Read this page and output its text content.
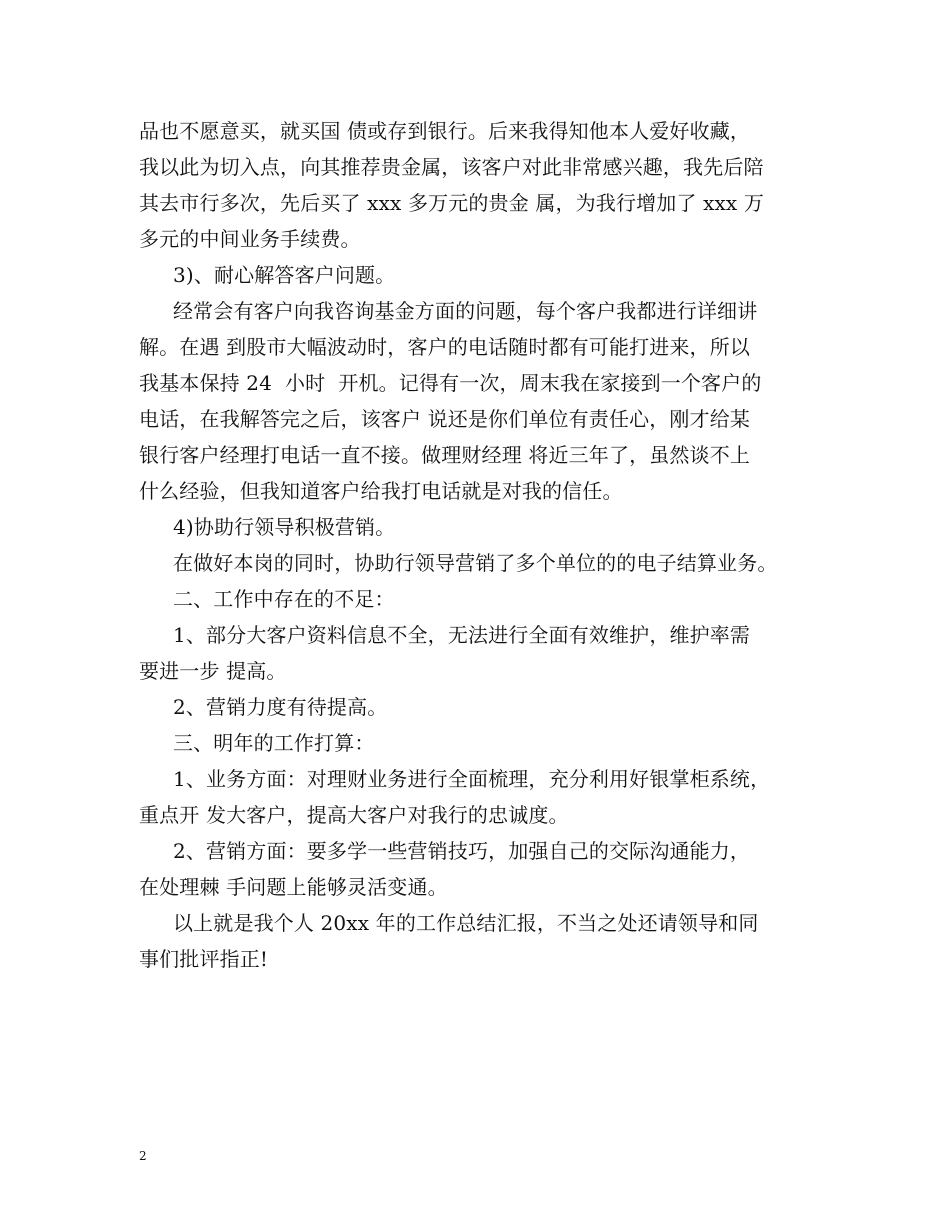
品也不愿意买，就买国 债或存到银行。后来我得知他本人爱好收藏，
我以此为切入点，向其推荐贵金属，该客户对此非常感兴趣，我先后陪
其去市行多次，先后买了 xxx 多万元的贵金 属，为我行增加了 xxx 万
多元的中间业务手续费。
3)、耐心解答客户问题。
经常会有客户向我咨询基金方面的问题，每个客户我都进行详细讲
解。在遇 到股市大幅波动时，客户的电话随时都有可能打进来，所以
我基本保持 24  小时  开机。记得有一次，周末我在家接到一个客户的
电话，在我解答完之后，该客户 说还是你们单位有责任心，刚才给某
银行客户经理打电话一直不接。做理财经理 将近三年了，虽然谈不上
什么经验，但我知道客户给我打电话就是对我的信任。
4)协助行领导积极营销。
在做好本岗的同时，协助行领导营销了多个单位的的电子结算业务。
二、工作中存在的不足：
1、部分大客户资料信息不全，无法进行全面有效维护，维护率需
要进一步 提高。
2、营销力度有待提高。
三、明年的工作打算：
1、业务方面：对理财业务进行全面梳理，充分利用好银掌柜系统，
重点开 发大客户，提高大客户对我行的忠诚度。
2、营销方面：要多学一些营销技巧，加强自己的交际沟通能力，
在处理棘 手问题上能够灵活变通。
以上就是我个人 20xx 年的工作总结汇报，不当之处还请领导和同
事们批评指正!
2
